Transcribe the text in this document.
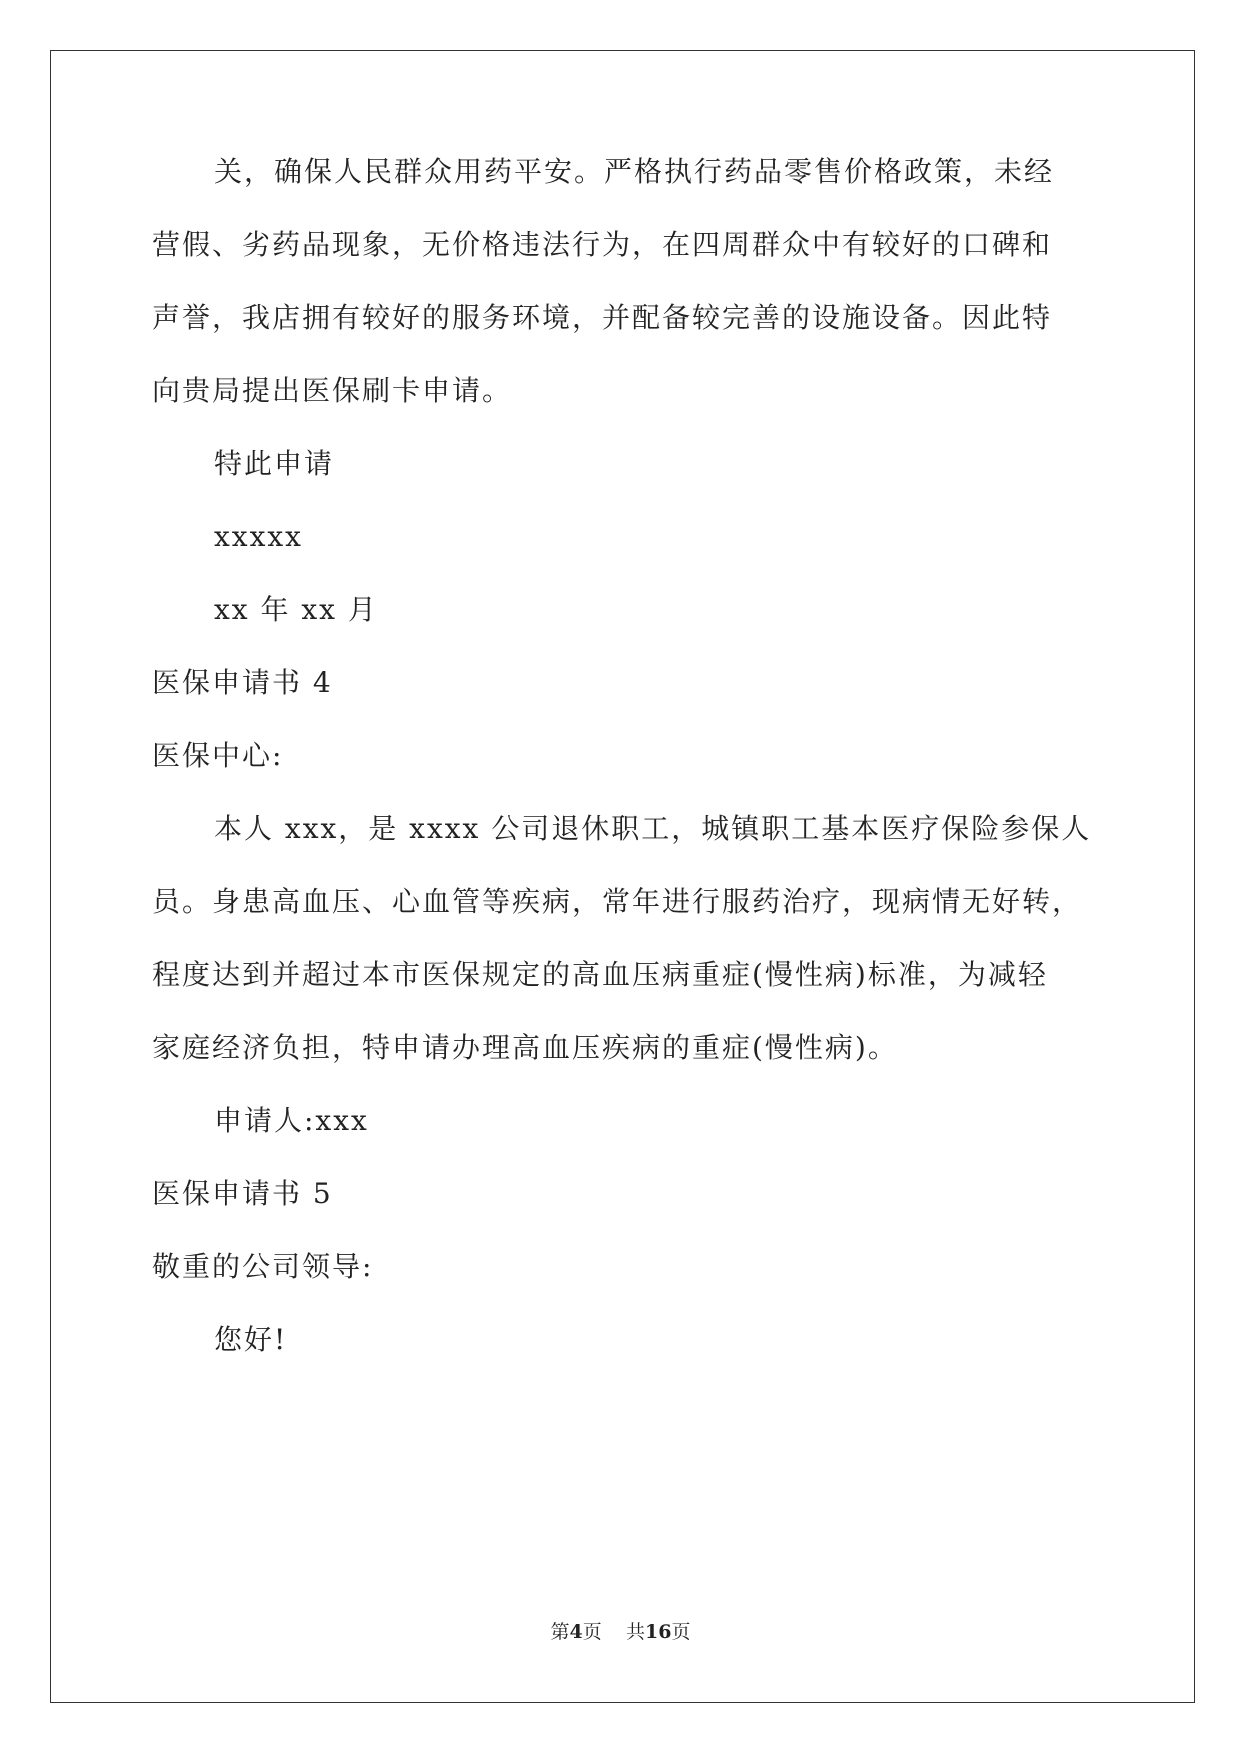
关，确保人民群众用药平安。严格执行药品零售价格政策，未经
营假、劣药品现象，无价格违法行为，在四周群众中有较好的口碑和
声誉，我店拥有较好的服务环境，并配备较完善的设施设备。因此特
向贵局提出医保刷卡申请。
特此申请
xxxxx
xx 年 xx 月
医保申请书 4
医保中心:
本人 xxx，是 xxxx 公司退休职工，城镇职工基本医疗保险参保人
员。身患高血压、心血管等疾病，常年进行服药治疗，现病情无好转，
程度达到并超过本市医保规定的高血压病重症(慢性病)标准，为减轻
家庭经济负担，特申请办理高血压疾病的重症(慢性病)。
申请人:xxx
医保申请书 5
敬重的公司领导:
您好!
第4页 共16页
